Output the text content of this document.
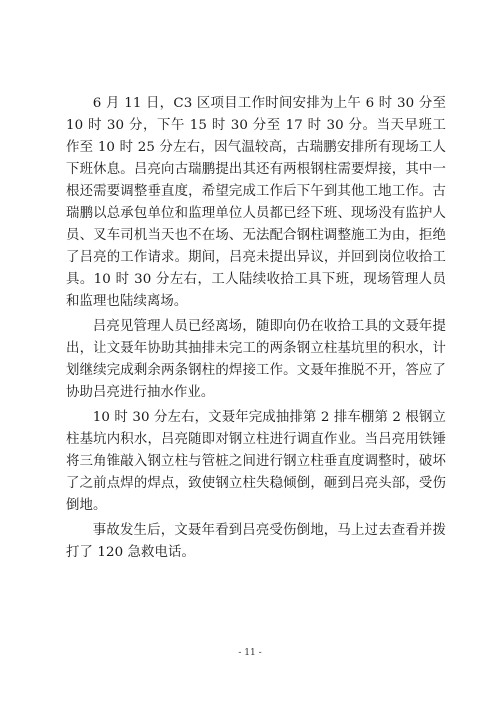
6 月 11 日，C3 区项目工作时间安排为上午 6 时 30 分至 10 时 30 分，下午 15 时 30 分至 17 时 30 分。当天早班工作至 10 时 25 分左右，因气温较高，古瑞鹏安排所有现场工人下班休息。吕亮向古瑞鹏提出其还有两根钢柱需要焊接，其中一根还需要调整垂直度，希望完成工作后下午到其他工地工作。古瑞鹏以总承包单位和监理单位人员都已经下班、现场没有监护人员、叉车司机当天也不在场、无法配合钢柱调整施工为由，拒绝了吕亮的工作请求。期间，吕亮未提出异议，并回到岗位收拾工具。10 时 30 分左右，工人陆续收拾工具下班，现场管理人员和监理也陆续离场。

吕亮见管理人员已经离场，随即向仍在收拾工具的文聂年提出，让文聂年协助其抽排未完工的两条钢立柱基坑里的积水，计划继续完成剩余两条钢柱的焊接工作。文聂年推脱不开，答应了协助吕亮进行抽水作业。

10 时 30 分左右，文聂年完成抽排第 2 排车棚第 2 根钢立柱基坑内积水，吕亮随即对钢立柱进行调直作业。当吕亮用铁锤将三角锥敲入钢立柱与管桩之间进行钢立柱垂直度调整时，破坏了之前点焊的焊点，致使钢立柱失稳倾倒，砸到吕亮头部，受伤倒地。

事故发生后，文聂年看到吕亮受伤倒地，马上过去查看并拨打了 120 急救电话。

- 11 -
